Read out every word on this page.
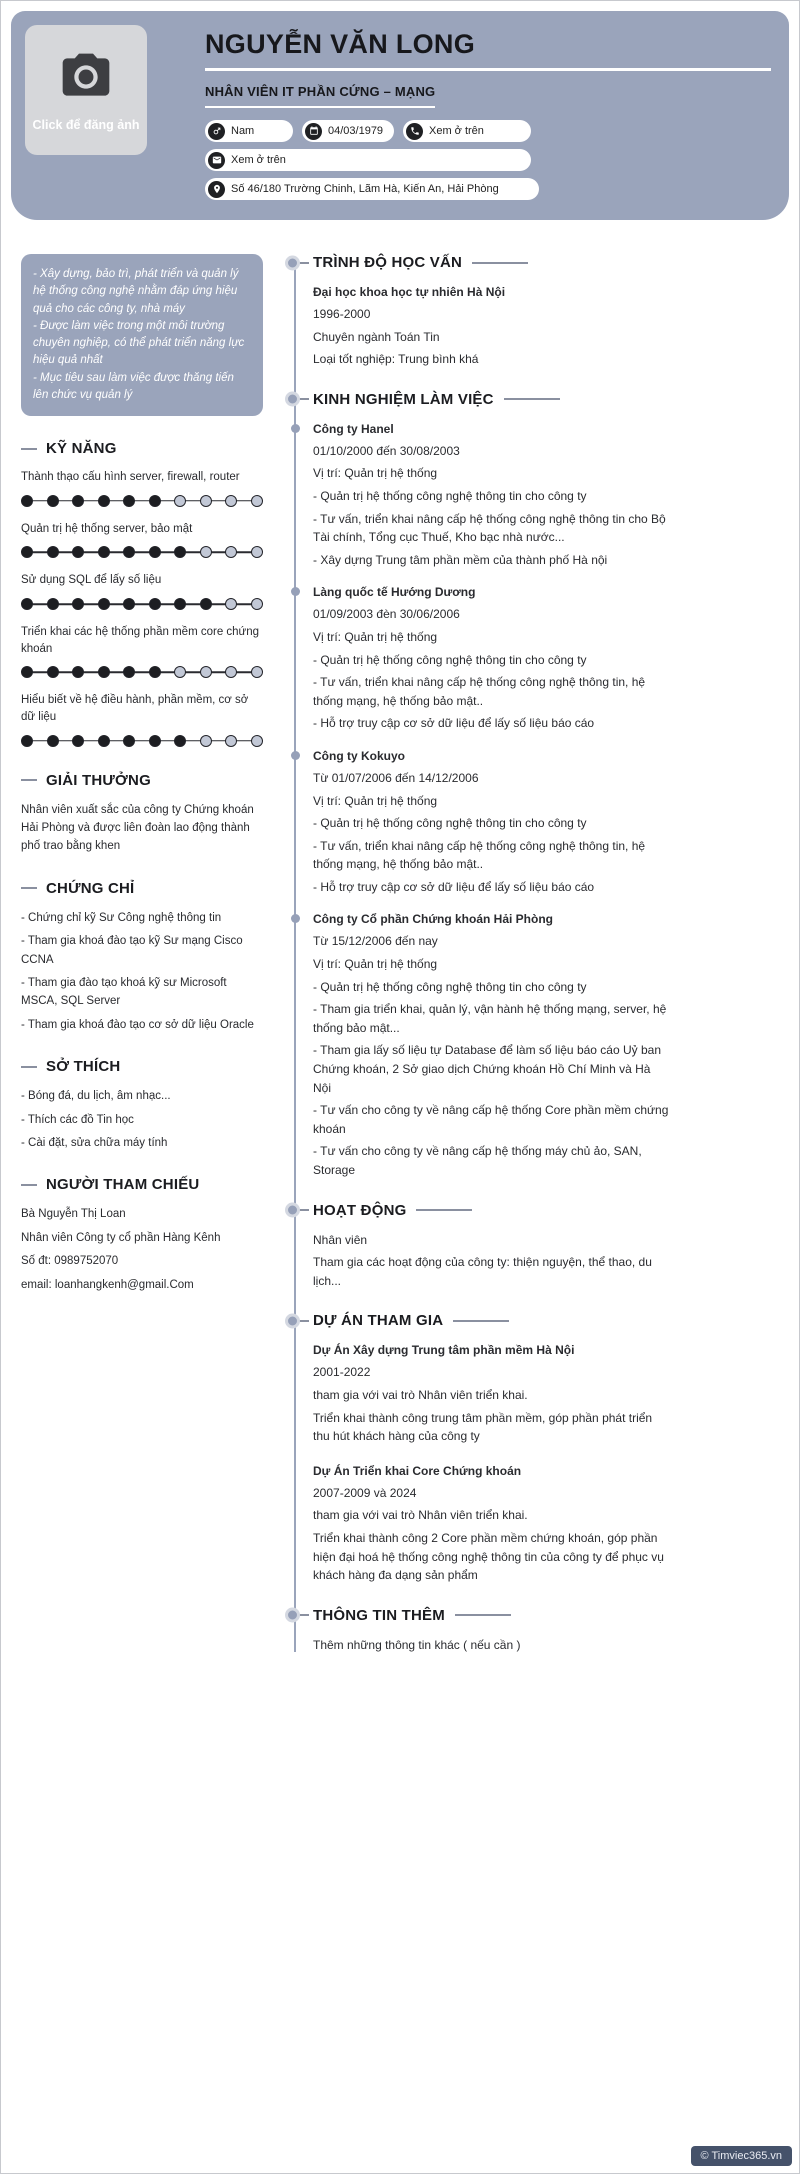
Click để đăng ảnh
NGUYỄN VĂN LONG
NHÂN VIÊN IT PHẦN CỨNG – MẠNG
Nam	04/03/1979	Xem ở trên
Xem ở trên
Số 46/180 Trường Chinh, Lãm Hà, Kiến An, Hải Phòng

- Xây dựng, bảo trì, phát triển và quản lý hệ thống công nghệ nhằm đáp ứng hiệu quả cho các công ty, nhà máy

- Được làm việc trong một môi trường chuyên nghiệp, có thể phát triển năng lực hiệu quả nhất

- Mục tiêu sau làm việc được thăng tiến lên chức vụ quản lý

KỸ NĂNG
Thành thạo cấu hình server, firewall, router
Quản trị hệ thống server, bảo mật
Sử dụng SQL để lấy số liệu
Triển khai các hệ thống phần mềm core chứng khoán
Hiểu biết về hệ điều hành, phần mềm, cơ sở dữ liệu
GIẢI THƯỞNG

Nhân viên xuất sắc của công ty Chứng khoán Hải Phòng và được liên đoàn lao động thành phố trao bằng khen

CHỨNG CHỈ

- Chứng chỉ kỹ Sư Công nghệ thông tin

- Tham gia khoá đào tạo kỹ Sư mạng Cisco CCNA

- Tham gia đào tạo khoá kỹ sư Microsoft MSCA, SQL Server

- Tham gia khoá đào tạo cơ sở dữ liệu Oracle

SỞ THÍCH

- Bóng đá, du lịch, âm nhạc...

- Thích các đồ Tin học

- Cài đặt, sửa chữa máy tính

NGƯỜI THAM CHIẾU

Bà Nguyễn Thị Loan

Nhân viên Công ty cổ phần Hàng Kênh

Số đt: 0989752070

email: loanhangkenh@gmail.Com

TRÌNH ĐỘ HỌC VẤN

Đại học khoa học tự nhiên Hà Nội

1996-2000

Chuyên ngành Toán Tin

Loại tốt nghiệp: Trung bình khá

KINH NGHIỆM LÀM VIỆC

Công ty Hanel

01/10/2000 đến 30/08/2003

Vị trí: Quản trị hệ thống

- Quản trị hệ thống công nghệ thông tin cho công ty

- Tư vấn, triển khai nâng cấp hệ thống công nghệ thông tin cho Bộ Tài chính, Tổng cục Thuế, Kho bạc nhà nước...

- Xây dựng Trung tâm phần mềm của thành phố Hà nội

Làng quốc tế Hướng Dương

01/09/2003 đèn 30/06/2006

Vị trí: Quản trị hệ thống

- Quản trị hệ thống công nghệ thông tin cho công ty

- Tư vấn, triển khai nâng cấp hệ thống công nghệ thông tin, hệ thống mạng, hệ thống bảo mật..

- Hỗ trợ truy cập cơ sở dữ liệu để lấy số liệu báo cáo

Công ty Kokuyo

Từ 01/07/2006 đến 14/12/2006

Vị trí: Quản trị hệ thống

- Quản trị hệ thống công nghệ thông tin cho công ty

- Tư vấn, triển khai nâng cấp hệ thống công nghệ thông tin, hệ thống mạng, hệ thống bảo mật..

- Hỗ trợ truy cập cơ sở dữ liệu để lấy số liệu báo cáo

Công ty Cổ phần Chứng khoán Hải Phòng

Từ 15/12/2006 đến nay

Vị trí: Quản trị hệ thống

- Quản trị hệ thống công nghệ thông tin cho công ty

- Tham gia triển khai, quản lý, vận hành hệ thống mạng, server, hệ thống bảo mật...

- Tham gia lấy số liệu tự Database để làm số liệu báo cáo Uỷ ban Chứng khoán, 2 Sở giao dịch Chứng khoán Hồ Chí Minh và Hà Nội

- Tư vấn cho công ty về nâng cấp hệ thống Core phần mềm chứng khoán

- Tư vấn cho công ty về nâng cấp hệ thống máy chủ ảo, SAN, Storage

HOẠT ĐỘNG

Nhân viên

Tham gia các hoạt động của công ty: thiện nguyện, thể thao, du lịch...

DỰ ÁN THAM GIA

Dự Án Xây dựng Trung tâm phần mềm Hà Nội

2001-2022

tham gia với vai trò Nhân viên triển khai.

Triển khai thành công trung tâm phần mềm, góp phần phát triển thu hút khách hàng của công ty

Dự Án Triển khai Core Chứng khoán

2007-2009 và 2024

tham gia với vai trò Nhân viên triển khai.

Triển khai thành công 2 Core phần mềm chứng khoán, góp phần hiện đại hoá hệ thống công nghệ thông tin của công ty để phục vụ khách hàng đa dạng sản phẩm

THÔNG TIN THÊM

Thêm những thông tin khác ( nếu cần )

© Timviec365.vn
